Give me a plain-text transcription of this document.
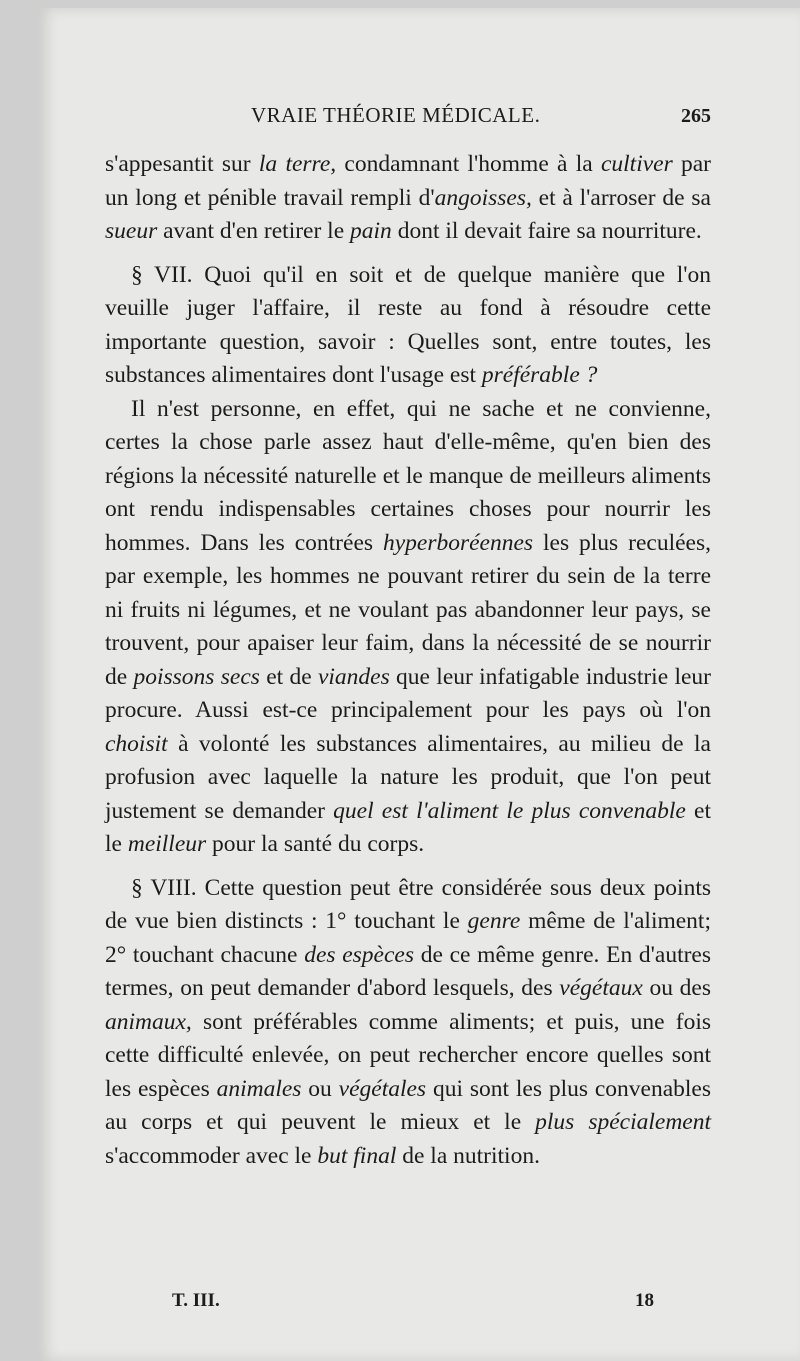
VRAIE THÉORIE MÉDICALE.	265

s'appesantit sur la terre, condamnant l'homme à la cultiver par un long et pénible travail rempli d'angoisses, et à l'arroser de sa sueur avant d'en retirer le pain dont il devait faire sa nourriture.

§ VII. Quoi qu'il en soit et de quelque manière que l'on veuille juger l'affaire, il reste au fond à résoudre cette importante question, savoir : Quelles sont, entre toutes, les substances alimentaires dont l'usage est préférable ?

Il n'est personne, en effet, qui ne sache et ne convienne, certes la chose parle assez haut d'elle-même, qu'en bien des régions la nécessité naturelle et le manque de meilleurs aliments ont rendu indispensables certaines choses pour nourrir les hommes. Dans les contrées hyperboréennes les plus reculées, par exemple, les hommes ne pouvant retirer du sein de la terre ni fruits ni légumes, et ne voulant pas abandonner leur pays, se trouvent, pour apaiser leur faim, dans la nécessité de se nourrir de poissons secs et de viandes que leur infatigable industrie leur procure. Aussi est-ce principalement pour les pays où l'on choisit à volonté les substances alimentaires, au milieu de la profusion avec laquelle la nature les produit, que l'on peut justement se demander quel est l'aliment le plus convenable et le meilleur pour la santé du corps.

§ VIII. Cette question peut être considérée sous deux points de vue bien distincts : 1° touchant le genre même de l'aliment; 2° touchant chacune des espèces de ce même genre. En d'autres termes, on peut demander d'abord lesquels, des végétaux ou des animaux, sont préférables comme aliments; et puis, une fois cette difficulté enlevée, on peut rechercher encore quelles sont les espèces animales ou végétales qui sont les plus convenables au corps et qui peuvent le mieux et le plus spécialement s'accommoder avec le but final de la nutrition.

T. III.	18
